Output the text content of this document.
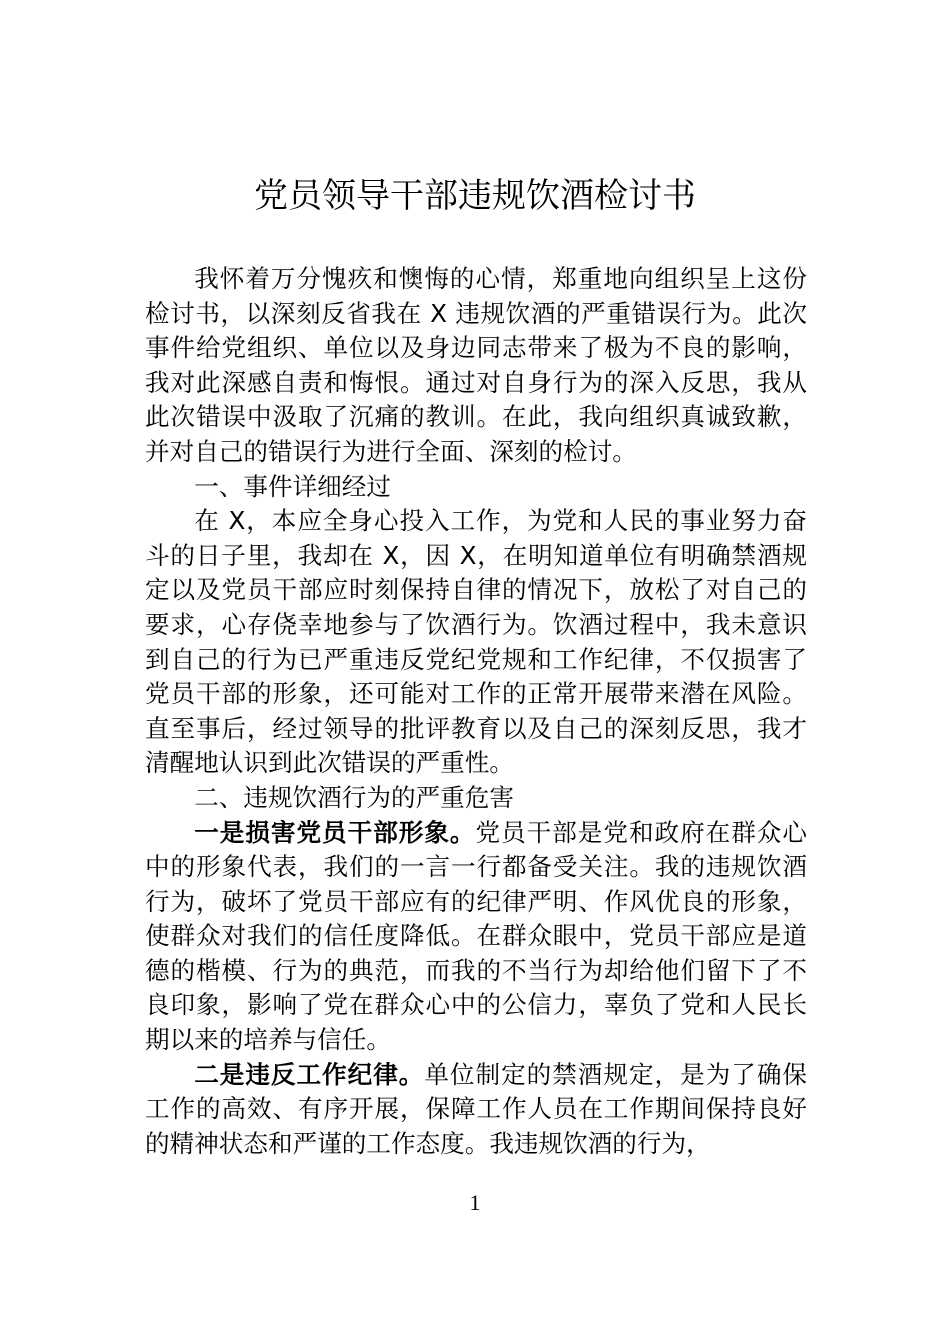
党员领导干部违规饮酒检讨书

我怀着万分愧疚和懊悔的心情，郑重地向组织呈上这份检讨书，以深刻反省我在 X 违规饮酒的严重错误行为。此次事件给党组织、单位以及身边同志带来了极为不良的影响，我对此深感自责和悔恨。通过对自身行为的深入反思，我从此次错误中汲取了沉痛的教训。在此，我向组织真诚致歉，并对自己的错误行为进行全面、深刻的检讨。

一、事件详细经过

在 X，本应全身心投入工作，为党和人民的事业努力奋斗的日子里，我却在 X，因 X，在明知道单位有明确禁酒规定以及党员干部应时刻保持自律的情况下，放松了对自己的要求，心存侥幸地参与了饮酒行为。饮酒过程中，我未意识到自己的行为已严重违反党纪党规和工作纪律，不仅损害了党员干部的形象，还可能对工作的正常开展带来潜在风险。直至事后，经过领导的批评教育以及自己的深刻反思，我才清醒地认识到此次错误的严重性。

二、违规饮酒行为的严重危害

一是损害党员干部形象。党员干部是党和政府在群众心中的形象代表，我们的一言一行都备受关注。我的违规饮酒行为，破坏了党员干部应有的纪律严明、作风优良的形象，使群众对我们的信任度降低。在群众眼中，党员干部应是道德的楷模、行为的典范，而我的不当行为却给他们留下了不良印象，影响了党在群众心中的公信力，辜负了党和人民长期以来的培养与信任。

二是违反工作纪律。单位制定的禁酒规定，是为了确保工作的高效、有序开展，保障工作人员在工作期间保持良好的精神状态和严谨的工作态度。我违规饮酒的行为，

1
